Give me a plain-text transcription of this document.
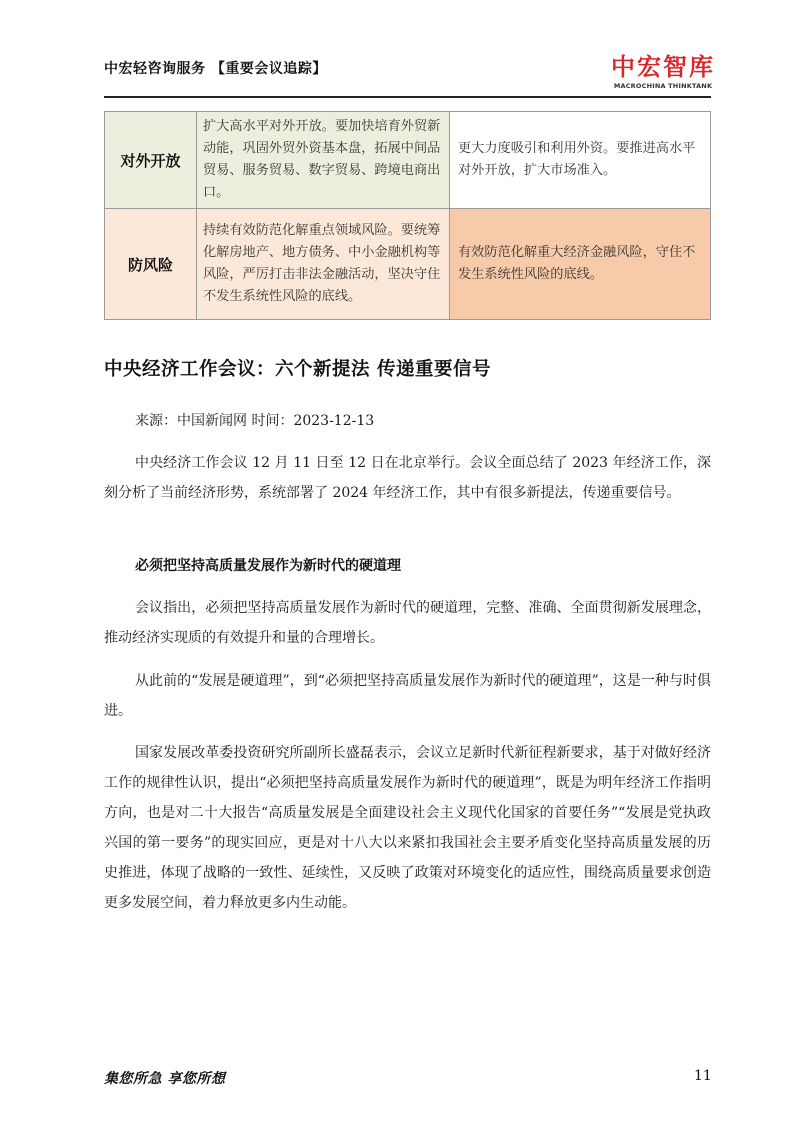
中宏轻咨询服务 【重要会议追踪】	中宏智库
MACROCHINA THINKTANK
对外开放	扩大高水平对外开放。要加快培育外贸新动能，巩固外贸外资基本盘，拓展中间品贸易、服务贸易、数字贸易、跨境电商出口。	更大力度吸引和利用外资。要推进高水平对外开放，扩大市场准入。
防风险	持续有效防范化解重点领域风险。要统筹化解房地产、地方债务、中小金融机构等风险，严厉打击非法金融活动，坚决守住不发生系统性风险的底线。	有效防范化解重大经济金融风险，守住不发生系统性风险的底线。
中央经济工作会议：六个新提法 传递重要信号
来源：中国新闻网 时间：2023-12-13
中央经济工作会议 12 月 11 日至 12 日在北京举行。会议全面总结了 2023 年经济工作，深刻分析了当前经济形势，系统部署了 2024 年经济工作，其中有很多新提法，传递重要信号。
必须把坚持高质量发展作为新时代的硬道理
会议指出，必须把坚持高质量发展作为新时代的硬道理，完整、准确、全面贯彻新发展理念，推动经济实现质的有效提升和量的合理增长。
从此前的“发展是硬道理”，到“必须把坚持高质量发展作为新时代的硬道理”，这是一种与时俱进。
国家发展改革委投资研究所副所长盛磊表示，会议立足新时代新征程新要求，基于对做好经济工作的规律性认识，提出“必须把坚持高质量发展作为新时代的硬道理”，既是为明年经济工作指明方向，也是对二十大报告“高质量发展是全面建设社会主义现代化国家的首要任务”“发展是党执政兴国的第一要务”的现实回应，更是对十八大以来紧扣我国社会主要矛盾变化坚持高质量发展的历史推进，体现了战略的一致性、延续性，又反映了政策对环境变化的适应性，围绕高质量要求创造更多发展空间，着力释放更多内生动能。
集您所急 享您所想	11
